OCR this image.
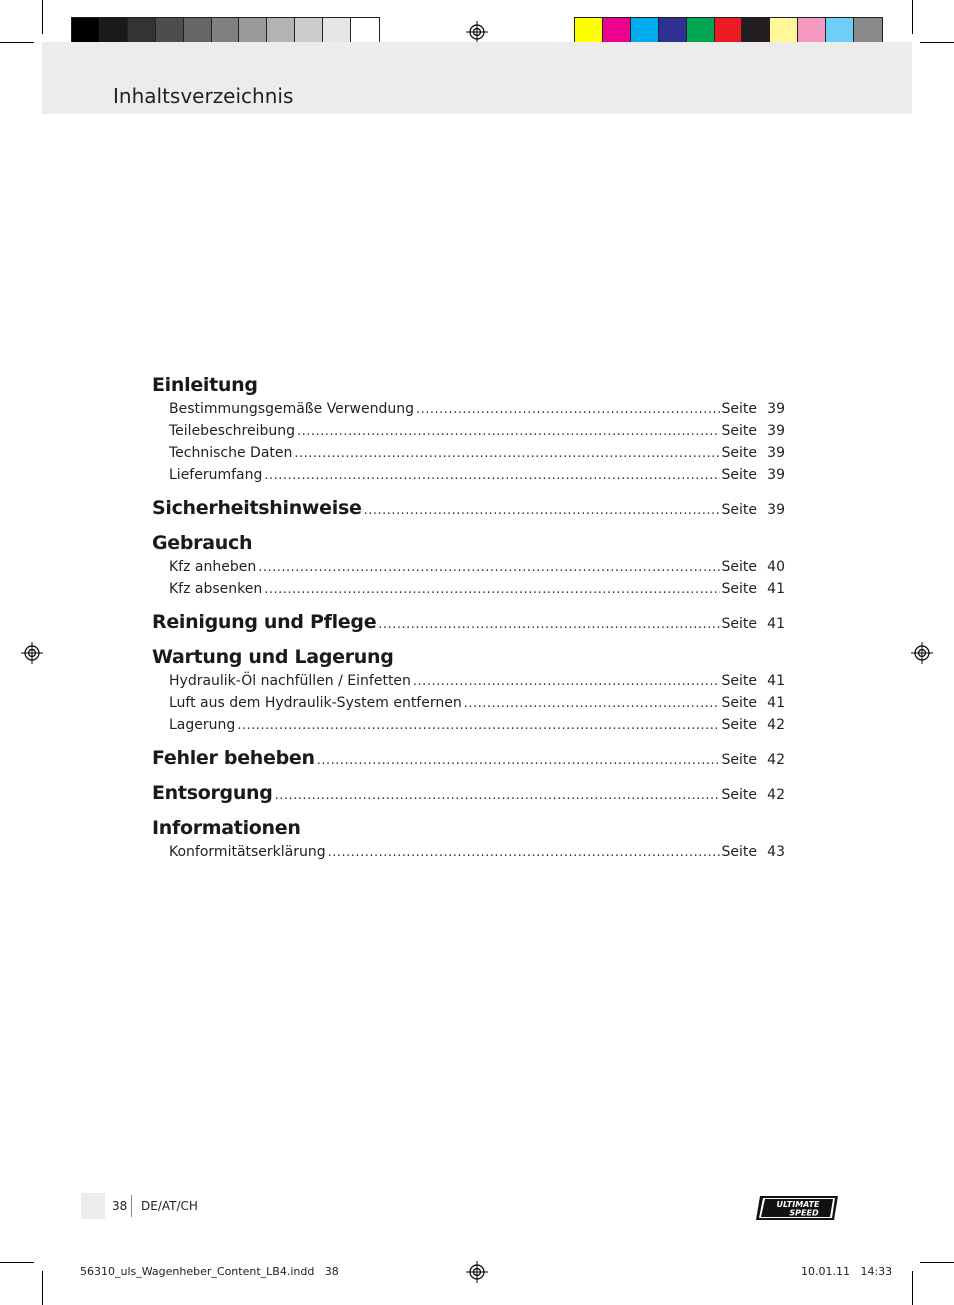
Inhaltsverzeichnis
Einleitung
Bestimmungsgemäße Verwendung .....	Seite 39
Teilebeschreibung .....	Seite 39
Technische Daten .....	Seite 39
Lieferumfang .....	Seite 39
Sicherheitshinweise .....	Seite 39
Gebrauch
Kfz anheben .....	Seite 40
Kfz absenken .....	Seite 41
Reinigung und Pflege .....	Seite 41
Wartung und Lagerung
Hydraulik-Öl nachfüllen / Einfetten .....	Seite 41
Luft aus dem Hydraulik-System entfernen .....	Seite 41
Lagerung .....	Seite 42
Fehler beheben .....	Seite 42
Entsorgung .....	Seite 42
Informationen
Konformitätserklärung .....	Seite 43
38 DE/AT/CH	ULTIMATE
SPEED
56310_uls_Wagenheber_Content_LB4.indd   38	10.01.11   14:33
